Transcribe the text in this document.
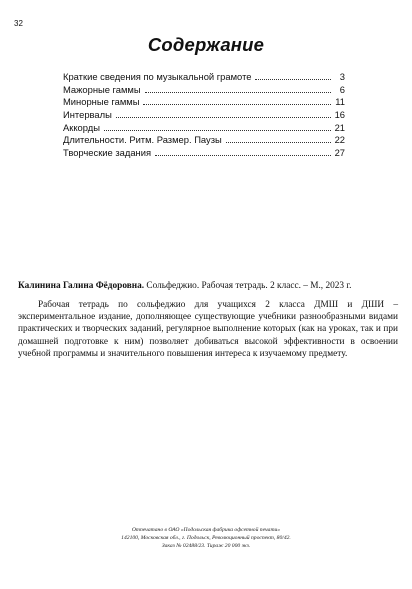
32
Содержание
Краткие сведения по музыкальной грамоте	3
Мажорные гаммы	6
Минорные гаммы	11
Интервалы	16
Аккорды	21
Длительности. Ритм. Размер. Паузы	22
Творческие задания	27
Калинина Галина Фёдоровна. Сольфеджио. Рабочая тетрадь. 2 класс. – М., 2023 г.
Рабочая тетрадь по сольфеджио для учащихся 2 класса ДМШ и ДШИ – экспериментальное издание, дополняющее существующие учебники разнообразными видами практических и творческих заданий, регулярное выполнение которых (как на уроках, так и при домашней подготовке к ним) позволяет добиваться высокой эффективности в освоении учебной программы и значительного повышения интереса к изучаемому предмету.
Отпечатано в ОАО «Подольская фабрика офсетной печати»
142100, Московская обл., г. Подольск, Революционный проспект, 80/42.
Заказ № 02488/23. Тираж 20 000 экз.
